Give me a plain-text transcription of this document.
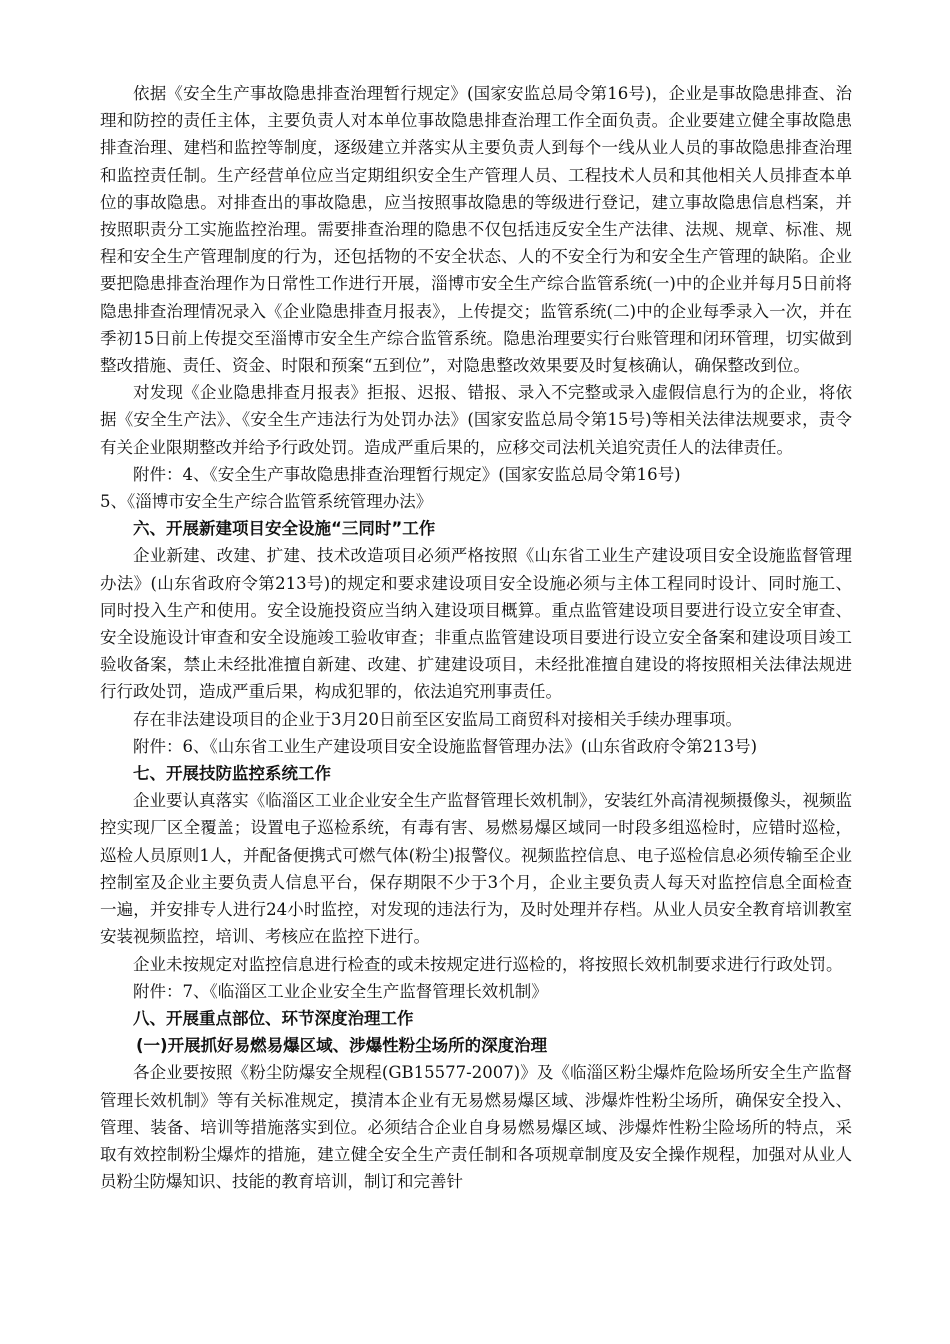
依据《安全生产事故隐患排查治理暂行规定》(国家安监总局令第16号)，企业是事故隐患排查、治理和防控的责任主体，主要负责人对本单位事故隐患排查治理工作全面负责。企业要建立健全事故隐患排查治理、建档和监控等制度，逐级建立并落实从主要负责人到每个一线从业人员的事故隐患排查治理和监控责任制。生产经营单位应当定期组织安全生产管理人员、工程技术人员和其他相关人员排查本单位的事故隐患。对排查出的事故隐患，应当按照事故隐患的等级进行登记，建立事故隐患信息档案，并按照职责分工实施监控治理。需要排查治理的隐患不仅包括违反安全生产法律、法规、规章、标准、规程和安全生产管理制度的行为，还包括物的不安全状态、人的不安全行为和安全生产管理的缺陷。企业要把隐患排查治理作为日常性工作进行开展，淄博市安全生产综合监管系统(一)中的企业并每月5日前将隐患排查治理情况录入《企业隐患排查月报表》，上传提交；监管系统(二)中的企业每季录入一次，并在季初15日前上传提交至淄博市安全生产综合监管系统。隐患治理要实行台账管理和闭环管理，切实做到整改措施、责任、资金、时限和预案“五到位”，对隐患整改效果要及时复核确认，确保整改到位。

对发现《企业隐患排查月报表》拒报、迟报、错报、录入不完整或录入虚假信息行为的企业，将依据《安全生产法》、《安全生产违法行为处罚办法》(国家安监总局令第15号)等相关法律法规要求，责令有关企业限期整改并给予行政处罚。造成严重后果的，应移交司法机关追究责任人的法律责任。

附件：4、《安全生产事故隐患排查治理暂行规定》(国家安监总局令第16号)

5、《淄博市安全生产综合监管系统管理办法》

六、开展新建项目安全设施“三同时”工作

企业新建、改建、扩建、技术改造项目必须严格按照《山东省工业生产建设项目安全设施监督管理办法》(山东省政府令第213号)的规定和要求建设项目安全设施必须与主体工程同时设计、同时施工、同时投入生产和使用。安全设施投资应当纳入建设项目概算。重点监管建设项目要进行设立安全审查、安全设施设计审查和安全设施竣工验收审查；非重点监管建设项目要进行设立安全备案和建设项目竣工验收备案，禁止未经批准擅自新建、改建、扩建建设项目，未经批准擅自建设的将按照相关法律法规进行行政处罚，造成严重后果，构成犯罪的，依法追究刑事责任。

存在非法建设项目的企业于3月20日前至区安监局工商贸科对接相关手续办理事项。

附件：6、《山东省工业生产建设项目安全设施监督管理办法》(山东省政府令第213号)

七、开展技防监控系统工作

企业要认真落实《临淄区工业企业安全生产监督管理长效机制》，安装红外高清视频摄像头，视频监控实现厂区全覆盖；设置电子巡检系统，有毒有害、易燃易爆区域同一时段多组巡检时，应错时巡检，巡检人员原则1人，并配备便携式可燃气体(粉尘)报警仪。视频监控信息、电子巡检信息必须传输至企业控制室及企业主要负责人信息平台，保存期限不少于3个月，企业主要负责人每天对监控信息全面检查一遍，并安排专人进行24小时监控，对发现的违法行为，及时处理并存档。从业人员安全教育培训教室安装视频监控，培训、考核应在监控下进行。

企业未按规定对监控信息进行检查的或未按规定进行巡检的，将按照长效机制要求进行行政处罚。

附件：7、《临淄区工业企业安全生产监督管理长效机制》

八、开展重点部位、环节深度治理工作

(一)开展抓好易燃易爆区域、涉爆性粉尘场所的深度治理

各企业要按照《粉尘防爆安全规程(GB15577-2007)》及《临淄区粉尘爆炸危险场所安全生产监督管理长效机制》等有关标准规定，摸清本企业有无易燃易爆区域、涉爆炸性粉尘场所，确保安全投入、管理、装备、培训等措施落实到位。必须结合企业自身易燃易爆区域、涉爆炸性粉尘险场所的特点，采取有效控制粉尘爆炸的措施，建立健全安全生产责任制和各项规章制度及安全操作规程，加强对从业人员粉尘防爆知识、技能的教育培训，制订和完善针
